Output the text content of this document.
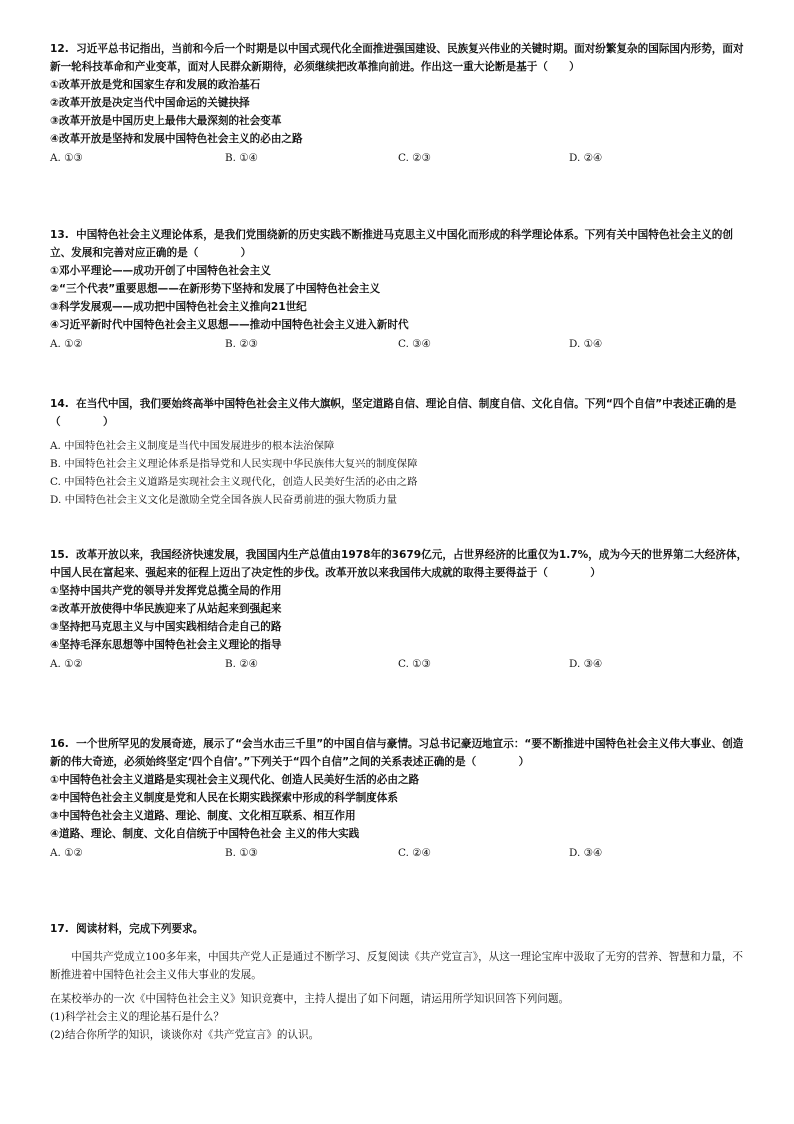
12. 习近平总书记指出，当前和今后一个时期是以中国式现代化全面推进强国建设、民族复兴伟业的关键时期。面对纷繁复杂的国际国内形势，面对新一轮科技革命和产业变革，面对人民群众新期待，必须继续把改革推向前进。作出这一重大论断是基于（　　）

①改革开放是党和国家生存和发展的政治基石

②改革开放是决定当代中国命运的关键抉择

③改革开放是中国历史上最伟大最深刻的社会变革

④改革开放是坚持和发展中国特色社会主义的必由之路

A. ①③	B. ①④	C. ②③	D. ②④

13. 中国特色社会主义理论体系，是我们党围绕新的历史实践不断推进马克思主义中国化而形成的科学理论体系。下列有关中国特色社会主义的创立、发展和完善对应正确的是（　　　　）

①邓小平理论——成功开创了中国特色社会主义

②“三个代表”重要思想——在新形势下坚持和发展了中国特色社会主义

③科学发展观——成功把中国特色社会主义推向21世纪

④习近平新时代中国特色社会主义思想——推动中国特色社会主义进入新时代

A. ①②	B. ②③	C. ③④	D. ①④

14. 在当代中国，我们要始终高举中国特色社会主义伟大旗帜，坚定道路自信、理论自信、制度自信、文化自信。下列“四个自信”中表述正确的是（　　　　）

A. 中国特色社会主义制度是当代中国发展进步的根本法治保障

B. 中国特色社会主义理论体系是指导党和人民实现中华民族伟大复兴的制度保障

C. 中国特色社会主义道路是实现社会主义现代化，创造人民美好生活的必由之路

D. 中国特色社会主义文化是激励全党全国各族人民奋勇前进的强大物质力量

15. 改革开放以来，我国经济快速发展，我国国内生产总值由1978年的3679亿元，占世界经济的比重仅为1.7%，成为今天的世界第二大经济体，中国人民在富起来、强起来的征程上迈出了决定性的步伐。改革开放以来我国伟大成就的取得主要得益于（　　　　）

①坚持中国共产党的领导并发挥党总揽全局的作用

②改革开放使得中华民族迎来了从站起来到强起来

③坚持把马克思主义与中国实践相结合走自己的路

④坚持毛泽东思想等中国特色社会主义理论的指导

A. ①②	B. ②④	C. ①③	D. ③④

16. 一个世所罕见的发展奇迹，展示了“会当水击三千里”的中国自信与豪情。习总书记豪迈地宣示：“要不断推进中国特色社会主义伟大事业、创造新的伟大奇迹，必须始终坚定‘四个自信’。”下列关于“四个自信”之间的关系表述正确的是（　　　　）

①中国特色社会主义道路是实现社会主义现代化、创造人民美好生活的必由之路

②中国特色社会主义制度是党和人民在长期实践探索中形成的科学制度体系

③中国特色社会主义道路、理论、制度、文化相互联系、相互作用

④道路、理论、制度、文化自信统于中国特色社会 主义的伟大实践

A. ①②	B. ①③	C. ②④	D. ③④

17. 阅读材料，完成下列要求。

中国共产党成立100多年来，中国共产党人正是通过不断学习、反复阅读《共产党宣言》，从这一理论宝库中汲取了无穷的营养、智慧和力量，不断推进着中国特色社会主义伟大事业的发展。

在某校举办的一次《中国特色社会主义》知识竞赛中，主持人提出了如下问题，请运用所学知识回答下列问题。

(1)科学社会主义的理论基石是什么？

(2)结合你所学的知识，谈谈你对《共产党宣言》的认识。
